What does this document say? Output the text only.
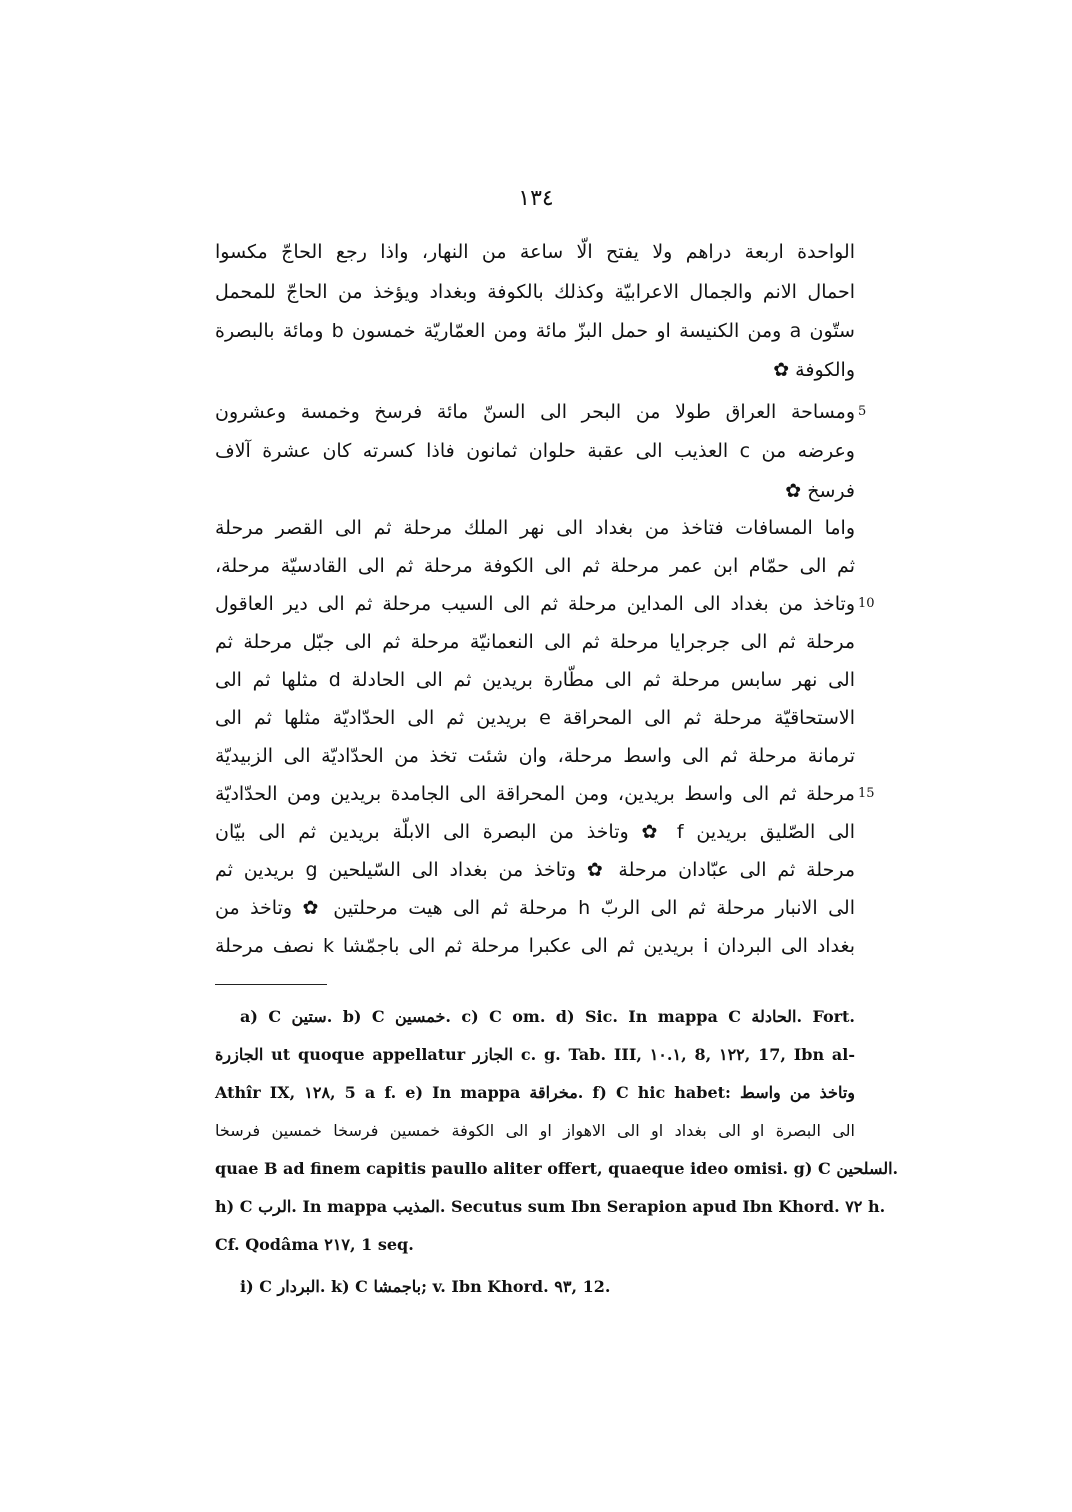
١٣٤
الواحدة اربعة دراهم ولا يفتح الّا ساعة من النهار، واذا رجع الحاجّ مكسوا
احمال الانم والجمال الاعرابيّة وكذلك بالكوفة وبغداد ويؤخذ من الحاجّ للمحمل
ستّون a ومن الكنيسة او حمل البزّ مائة ومن العمّاريّة خمسون b ومائة بالبصرة
والكوفة ✿
ومساحة العراق طولا من البحر الى السنّ مائة فرسخ وخمسة وعشرون
وعرضه من c العذيب الى عقبة حلوان ثمانون فاذا كسرته كان عشرة آلاف
فرسخ ✿
واما المسافات فتاخذ من بغداد الى نهر الملك مرحلة ثم الى القصر مرحلة
ثم الى حمّام ابن عمر مرحلة ثم الى الكوفة مرحلة ثم الى القادسيّة مرحلة،
وتاخذ من بغداد الى المداين مرحلة ثم الى السيب مرحلة ثم الى دير العاقول
مرحلة ثم الى جرجرايا مرحلة ثم الى النعمانيّة مرحلة ثم الى جبّل مرحلة ثم
الى نهر سابس مرحلة ثم الى مطّارة بريدين ثم الى الحادلة d مثلها ثم الى
الاستحاقيّة مرحلة ثم الى المحراقة e بريدين ثم الى الحدّاديّة مثلها ثم الى
ترمانة مرحلة ثم الى واسط مرحلة، وان شئت تخذ من الحدّاديّة الى الزبيديّة
مرحلة ثم الى واسط بريدين، ومن المحراقة الى الجامدة بريدين ومن الحدّاديّة
الى الصّليق بريدين f ✿ وتاخذ من البصرة الى الابلّة بريدين ثم الى بيّان
مرحلة ثم الى عبّادان مرحلة ✿ وتاخذ من بغداد الى السّيلحين g بريدين ثم
الى الانبار مرحلة ثم الى الربّ h مرحلة ثم الى هيت مرحلتين ✿ وتاخذ من
بغداد الى البردان i بريدين ثم الى عكبرا مرحلة ثم الى باجمّشا k نصف مرحلة
5
10
15
a) C ستين. b) C خمسين. c) C om. d) Sic. In mappa C الحادلة. Fort.
الجازرة ut quoque appellatur الجازر c. g. Tab. III, ١٠.١, 8, ١٢٢, 17, Ibn al-
Athîr IX, ١٢٨, 5 a f. e) In mappa مخراقة. f) C hic habet: وتاخذ من واسط
الى البصرة او الى بغداد او الى الاهواز او الى الكوفة خمسين فرسخا خمسين فرسخا
quae B ad finem capitis paullo aliter offert, quaeque ideo omisi. g) C السلحين.
h) C الرب. In mappa المذيب. Secutus sum Ibn Serapion apud Ibn Khord. ٧٢ h.
Cf. Qodâma ٢١٧, 1 seq.
i) C البردار. k) C باجمشا; v. Ibn Khord. ٩٣, 12.
